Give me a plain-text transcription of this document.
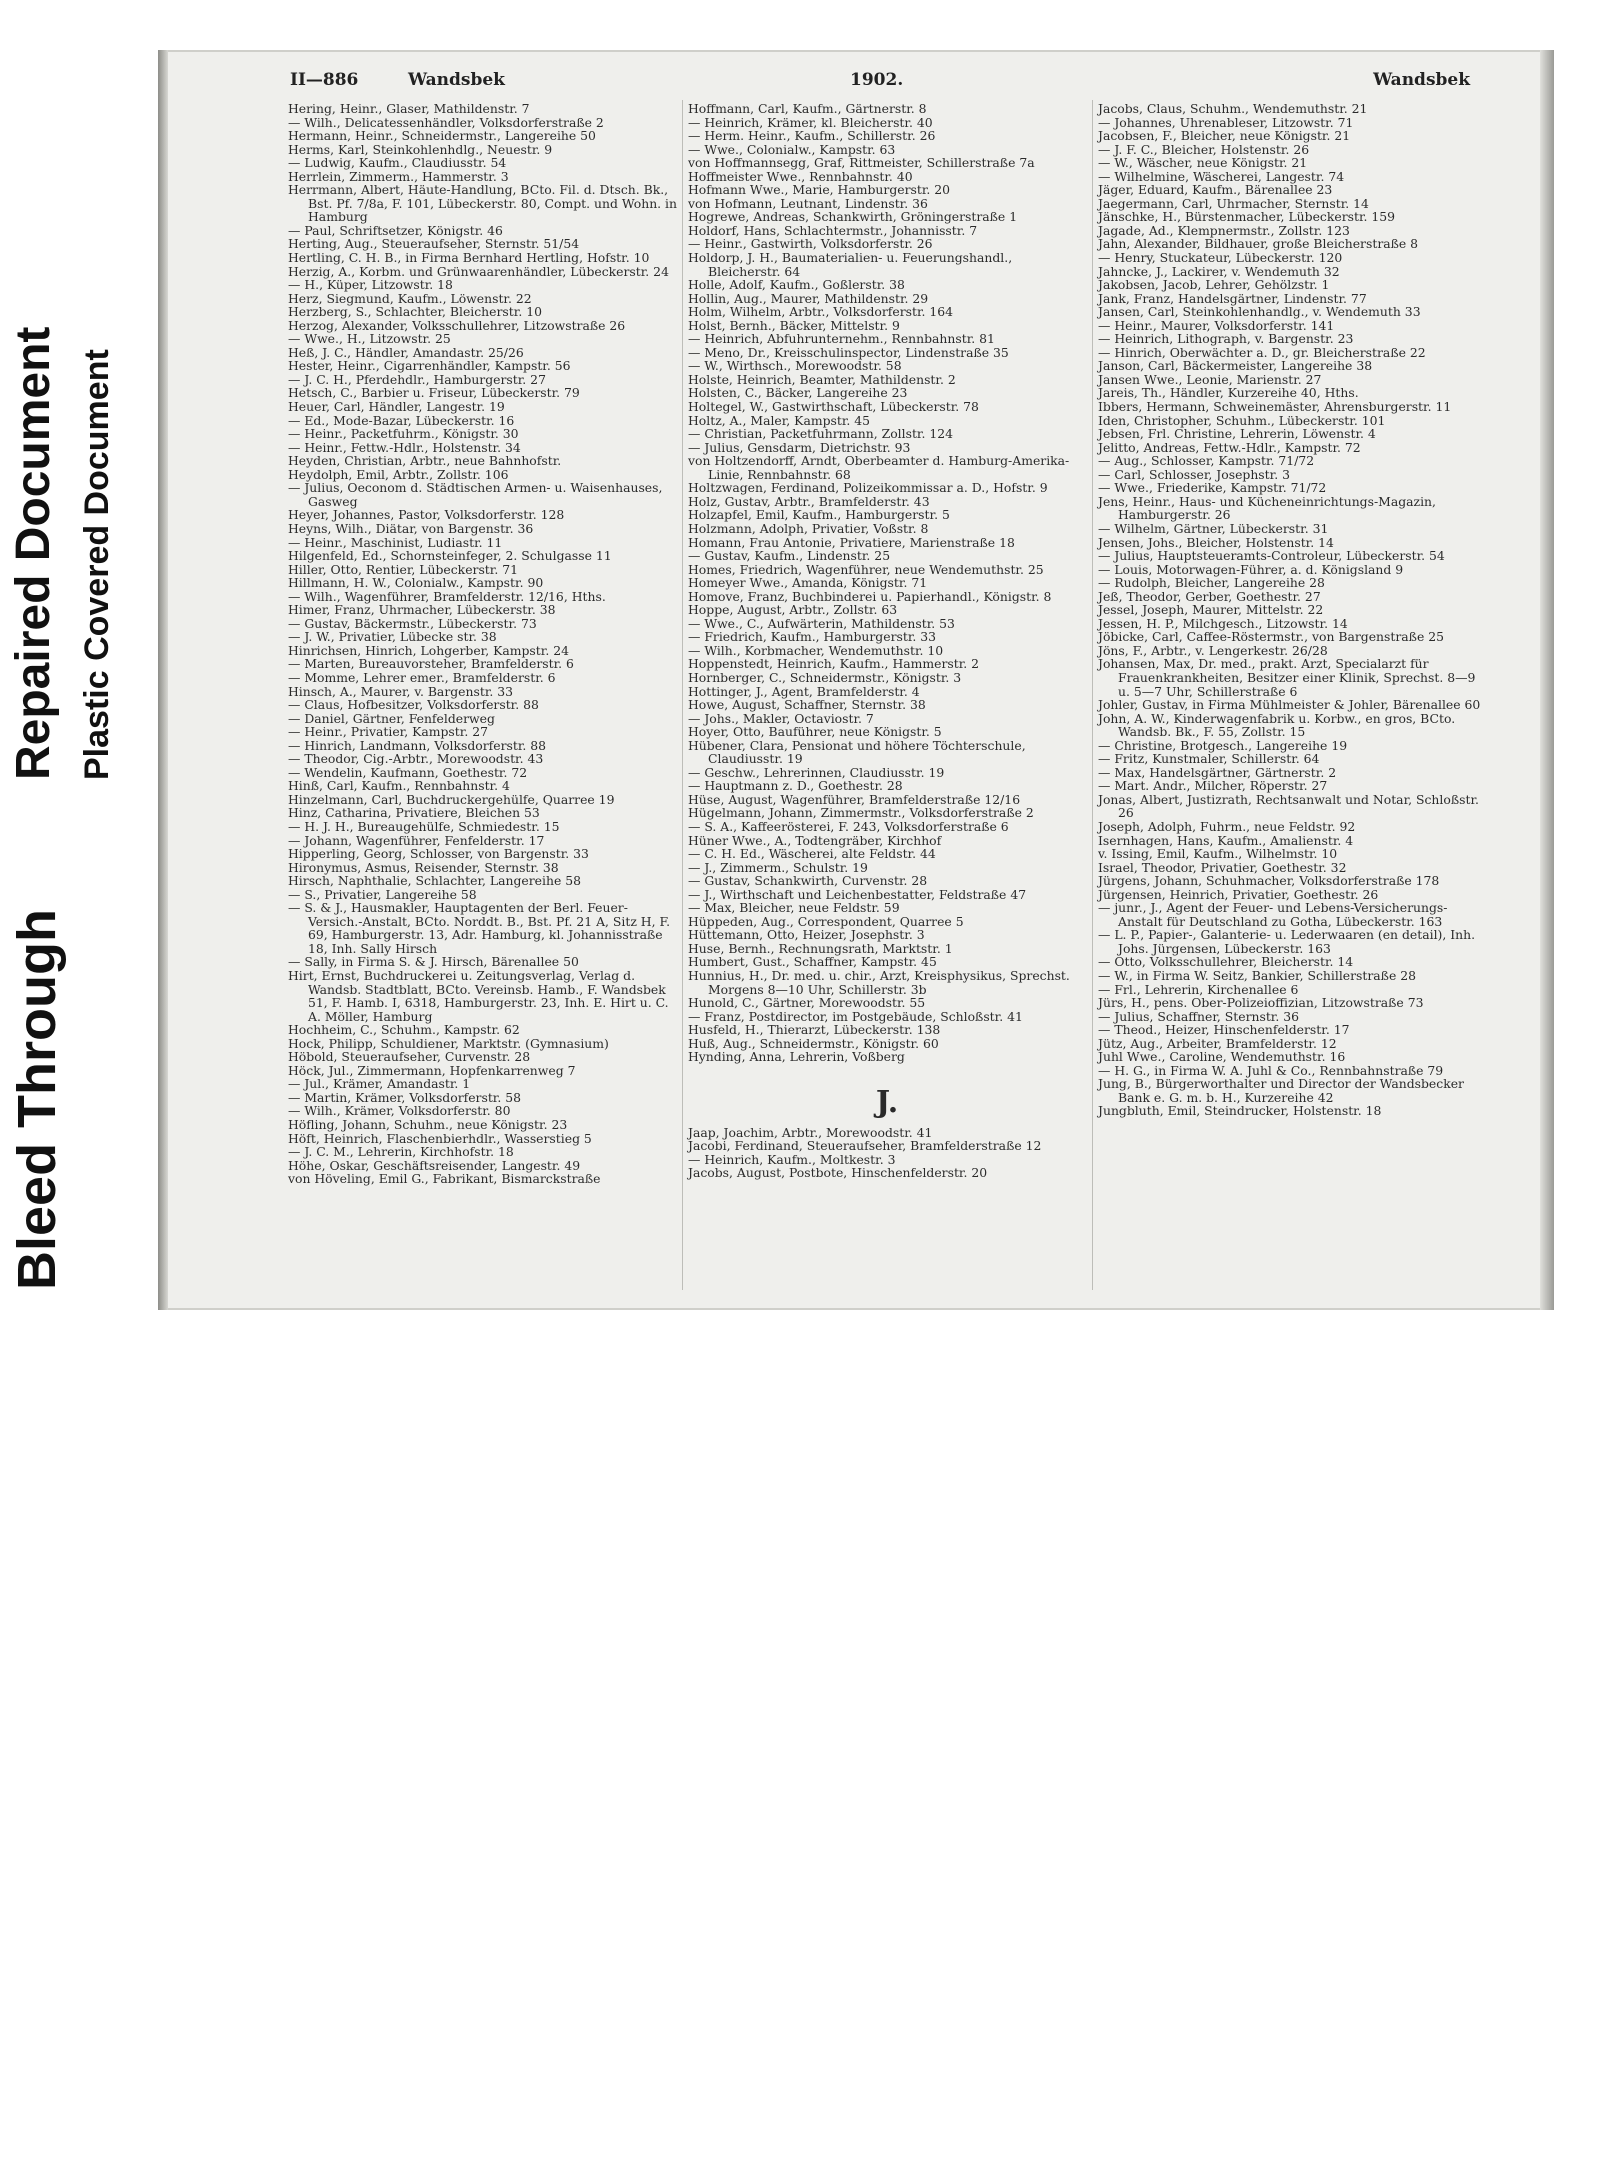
Bleed Through
Repaired Document Plastic Covered Document
II—886	Wandsbek	1902.	Wandsbek

Hering, Heinr., Glaser, Mathildenstr. 7

— Wilh., Delicatessenhändler, Volksdorferstraße 2

Hermann, Heinr., Schneidermstr., Langereihe 50

Herms, Karl, Steinkohlenhdlg., Neuestr. 9

— Ludwig, Kaufm., Claudiusstr. 54

Herrlein, Zimmerm., Hammerstr. 3

Herrmann, Albert, Häute-Handlung, BCto. Fil. d. Dtsch. Bk., Bst. Pf. 7/8a, F. 101, Lübeckerstr. 80, Compt. und Wohn. in Hamburg

— Paul, Schriftsetzer, Königstr. 46

Herting, Aug., Steueraufseher, Sternstr. 51/54

Hertling, C. H. B., in Firma Bernhard Hertling, Hofstr. 10

Herzig, A., Korbm. und Grünwaarenhändler, Lübeckerstr. 24

— H., Küper, Litzowstr. 18

Herz, Siegmund, Kaufm., Löwenstr. 22

Herzberg, S., Schlachter, Bleicherstr. 10

Herzog, Alexander, Volksschullehrer, Litzowstraße 26

— Wwe., H., Litzowstr. 25

Heß, J. C., Händler, Amandastr. 25/26

Hester, Heinr., Cigarrenhändler, Kampstr. 56

— J. C. H., Pferdehdlr., Hamburgerstr. 27

Hetsch, C., Barbier u. Friseur, Lübeckerstr. 79

Heuer, Carl, Händler, Langestr. 19

— Ed., Mode-Bazar, Lübeckerstr. 16

— Heinr., Packetfuhrm., Königstr. 30

— Heinr., Fettw.-Hdlr., Holstenstr. 34

Heyden, Christian, Arbtr., neue Bahnhofstr.

Heydolph, Emil, Arbtr., Zollstr. 106

— Julius, Oeconom d. Städtischen Armen- u. Waisenhauses, Gasweg

Heyer, Johannes, Pastor, Volksdorferstr. 128

Heyns, Wilh., Diätar, von Bargenstr. 36

— Heinr., Maschinist, Ludiastr. 11

Hilgenfeld, Ed., Schornsteinfeger, 2. Schulgasse 11

Hiller, Otto, Rentier, Lübeckerstr. 71

Hillmann, H. W., Colonialw., Kampstr. 90

— Wilh., Wagenführer, Bramfelderstr. 12/16, Hths.

Himer, Franz, Uhrmacher, Lübeckerstr. 38

— Gustav, Bäckermstr., Lübeckerstr. 73

— J. W., Privatier, Lübecke str. 38

Hinrichsen, Hinrich, Lohgerber, Kampstr. 24

— Marten, Bureauvorsteher, Bramfelderstr. 6

— Momme, Lehrer emer., Bramfelderstr. 6

Hinsch, A., Maurer, v. Bargenstr. 33

— Claus, Hofbesitzer, Volksdorferstr. 88

— Daniel, Gärtner, Fenfelderweg

— Heinr., Privatier, Kampstr. 27

— Hinrich, Landmann, Volksdorferstr. 88

— Theodor, Cig.-Arbtr., Morewoodstr. 43

— Wendelin, Kaufmann, Goethestr. 72

Hinß, Carl, Kaufm., Rennbahnstr. 4

Hinzelmann, Carl, Buchdruckergehülfe, Quarree 19

Hinz, Catharina, Privatiere, Bleichen 53

— H. J. H., Bureaugehülfe, Schmiedestr. 15

— Johann, Wagenführer, Fenfelderstr. 17

Hipperling, Georg, Schlosser, von Bargenstr. 33

Hironymus, Asmus, Reisender, Sternstr. 38

Hirsch, Naphthalie, Schlachter, Langereihe 58

— S., Privatier, Langereihe 58

— S. & J., Hausmakler, Hauptagenten der Berl. Feuer-Versich.-Anstalt, BCto. Norddt. B., Bst. Pf. 21 A, Sitz H, F. 69, Hamburgerstr. 13, Adr. Hamburg, kl. Johannisstraße 18, Inh. Sally Hirsch

— Sally, in Firma S. & J. Hirsch, Bärenallee 50

Hirt, Ernst, Buchdruckerei u. Zeitungsverlag, Verlag d. Wandsb. Stadtblatt, BCto. Vereinsb. Hamb., F. Wandsbek 51, F. Hamb. I, 6318, Hamburgerstr. 23, Inh. E. Hirt u. C. A. Möller, Hamburg

Hochheim, C., Schuhm., Kampstr. 62

Hock, Philipp, Schuldiener, Marktstr. (Gymnasium)

Höbold, Steueraufseher, Curvenstr. 28

Höck, Jul., Zimmermann, Hopfenkarrenweg 7

— Jul., Krämer, Amandastr. 1

— Martin, Krämer, Volksdorferstr. 58

— Wilh., Krämer, Volksdorferstr. 80

Höfling, Johann, Schuhm., neue Königstr. 23

Höft, Heinrich, Flaschenbierhdlr., Wasserstieg 5

— J. C. M., Lehrerin, Kirchhofstr. 18

Höhe, Oskar, Geschäftsreisender, Langestr. 49

von Höveling, Emil G., Fabrikant, Bismarckstraße

Hoffmann, Carl, Kaufm., Gärtnerstr. 8

— Heinrich, Krämer, kl. Bleicherstr. 40

— Herm. Heinr., Kaufm., Schillerstr. 26

— Wwe., Colonialw., Kampstr. 63

von Hoffmannsegg, Graf, Rittmeister, Schillerstraße 7a

Hoffmeister Wwe., Rennbahnstr. 40

Hofmann Wwe., Marie, Hamburgerstr. 20

von Hofmann, Leutnant, Lindenstr. 36

Hogrewe, Andreas, Schankwirth, Gröningerstraße 1

Holdorf, Hans, Schlachtermstr., Johannisstr. 7

— Heinr., Gastwirth, Volksdorferstr. 26

Holdorp, J. H., Baumaterialien- u. Feuerungshandl., Bleicherstr. 64

Holle, Adolf, Kaufm., Goßlerstr. 38

Hollin, Aug., Maurer, Mathildenstr. 29

Holm, Wilhelm, Arbtr., Volksdorferstr. 164

Holst, Bernh., Bäcker, Mittelstr. 9

— Heinrich, Abfuhrunternehm., Rennbahnstr. 81

— Meno, Dr., Kreisschulinspector, Lindenstraße 35

— W., Wirthsch., Morewoodstr. 58

Holste, Heinrich, Beamter, Mathildenstr. 2

Holsten, C., Bäcker, Langereihe 23

Holtegel, W., Gastwirthschaft, Lübeckerstr. 78

Holtz, A., Maler, Kampstr. 45

— Christian, Packetfuhrmann, Zollstr. 124

— Julius, Gensdarm, Dietrichstr. 93

von Holtzendorff, Arndt, Oberbeamter d. Hamburg-Amerika-Linie, Rennbahnstr. 68

Holtzwagen, Ferdinand, Polizeikommissar a. D., Hofstr. 9

Holz, Gustav, Arbtr., Bramfelderstr. 43

Holzapfel, Emil, Kaufm., Hamburgerstr. 5

Holzmann, Adolph, Privatier, Voßstr. 8

Homann, Frau Antonie, Privatiere, Marienstraße 18

— Gustav, Kaufm., Lindenstr. 25

Homes, Friedrich, Wagenführer, neue Wendemuthstr. 25

Homeyer Wwe., Amanda, Königstr. 71

Homove, Franz, Buchbinderei u. Papierhandl., Königstr. 8

Hoppe, August, Arbtr., Zollstr. 63

— Wwe., C., Aufwärterin, Mathildenstr. 53

— Friedrich, Kaufm., Hamburgerstr. 33

— Wilh., Korbmacher, Wendemuthstr. 10

Hoppenstedt, Heinrich, Kaufm., Hammerstr. 2

Hornberger, C., Schneidermstr., Königstr. 3

Hottinger, J., Agent, Bramfelderstr. 4

Howe, August, Schaffner, Sternstr. 38

— Johs., Makler, Octaviostr. 7

Hoyer, Otto, Bauführer, neue Königstr. 5

Hübener, Clara, Pensionat und höhere Töchterschule, Claudiusstr. 19

— Geschw., Lehrerinnen, Claudiusstr. 19

— Hauptmann z. D., Goethestr. 28

Hüse, August, Wagenführer, Bramfelderstraße 12/16

Hügelmann, Johann, Zimmermstr., Volksdorferstraße 2

— S. A., Kaffeerösterei, F. 243, Volksdorferstraße 6

Hüner Wwe., A., Todtengräber, Kirchhof

— C. H. Ed., Wäscherei, alte Feldstr. 44

— J., Zimmerm., Schulstr. 19

— Gustav, Schankwirth, Curvenstr. 28

— J., Wirthschaft und Leichenbestatter, Feldstraße 47

— Max, Bleicher, neue Feldstr. 59

Hüppeden, Aug., Correspondent, Quarree 5

Hüttemann, Otto, Heizer, Josephstr. 3

Huse, Bernh., Rechnungsrath, Marktstr. 1

Humbert, Gust., Schaffner, Kampstr. 45

Hunnius, H., Dr. med. u. chir., Arzt, Kreisphysikus, Sprechst. Morgens 8—10 Uhr, Schillerstr. 3b

Hunold, C., Gärtner, Morewoodstr. 55

— Franz, Postdirector, im Postgebäude, Schloßstr. 41

Husfeld, H., Thierarzt, Lübeckerstr. 138

Huß, Aug., Schneidermstr., Königstr. 60

Hynding, Anna, Lehrerin, Voßberg

J.

Jaap, Joachim, Arbtr., Morewoodstr. 41

Jacobi, Ferdinand, Steueraufseher, Bramfelderstraße 12

— Heinrich, Kaufm., Moltkestr. 3

Jacobs, August, Postbote, Hinschenfelderstr. 20

Jacobs, Claus, Schuhm., Wendemuthstr. 21

— Johannes, Uhrenableser, Litzowstr. 71

Jacobsen, F., Bleicher, neue Königstr. 21

— J. F. C., Bleicher, Holstenstr. 26

— W., Wäscher, neue Königstr. 21

— Wilhelmine, Wäscherei, Langestr. 74

Jäger, Eduard, Kaufm., Bärenallee 23

Jaegermann, Carl, Uhrmacher, Sternstr. 14

Jänschke, H., Bürstenmacher, Lübeckerstr. 159

Jagade, Ad., Klempnermstr., Zollstr. 123

Jahn, Alexander, Bildhauer, große Bleicherstraße 8

— Henry, Stuckateur, Lübeckerstr. 120

Jahncke, J., Lackirer, v. Wendemuth 32

Jakobsen, Jacob, Lehrer, Gehölzstr. 1

Jank, Franz, Handelsgärtner, Lindenstr. 77

Jansen, Carl, Steinkohlenhandlg., v. Wendemuth 33

— Heinr., Maurer, Volksdorferstr. 141

— Heinrich, Lithograph, v. Bargenstr. 23

— Hinrich, Oberwächter a. D., gr. Bleicherstraße 22

Janson, Carl, Bäckermeister, Langereihe 38

Jansen Wwe., Leonie, Marienstr. 27

Jareis, Th., Händler, Kurzereihe 40, Hths.

Ibbers, Hermann, Schweinemäster, Ahrensburgerstr. 11

Iden, Christopher, Schuhm., Lübeckerstr. 101

Jebsen, Frl. Christine, Lehrerin, Löwenstr. 4

Jelitto, Andreas, Fettw.-Hdlr., Kampstr. 72

— Aug., Schlosser, Kampstr. 71/72

— Carl, Schlosser, Josephstr. 3

— Wwe., Friederike, Kampstr. 71/72

Jens, Heinr., Haus- und Kücheneinrichtungs-Magazin, Hamburgerstr. 26

— Wilhelm, Gärtner, Lübeckerstr. 31

Jensen, Johs., Bleicher, Holstenstr. 14

— Julius, Hauptsteueramts-Controleur, Lübeckerstr. 54

— Louis, Motorwagen-Führer, a. d. Königsland 9

— Rudolph, Bleicher, Langereihe 28

Jeß, Theodor, Gerber, Goethestr. 27

Jessel, Joseph, Maurer, Mittelstr. 22

Jessen, H. P., Milchgesch., Litzowstr. 14

Jöbicke, Carl, Caffee-Röstermstr., von Bargenstraße 25

Jöns, F., Arbtr., v. Lengerkestr. 26/28

Johansen, Max, Dr. med., prakt. Arzt, Specialarzt für Frauenkrankheiten, Besitzer einer Klinik, Sprechst. 8—9 u. 5—7 Uhr, Schillerstraße 6

Johler, Gustav, in Firma Mühlmeister & Johler, Bärenallee 60

John, A. W., Kinderwagenfabrik u. Korbw., en gros, BCto. Wandsb. Bk., F. 55, Zollstr. 15

— Christine, Brotgesch., Langereihe 19

— Fritz, Kunstmaler, Schillerstr. 64

— Max, Handelsgärtner, Gärtnerstr. 2

— Mart. Andr., Milcher, Röperstr. 27

Jonas, Albert, Justizrath, Rechtsanwalt und Notar, Schloßstr. 26

Joseph, Adolph, Fuhrm., neue Feldstr. 92

Isernhagen, Hans, Kaufm., Amalienstr. 4

v. Issing, Emil, Kaufm., Wilhelmstr. 10

Israel, Theodor, Privatier, Goethestr. 32

Jürgens, Johann, Schuhmacher, Volksdorferstraße 178

Jürgensen, Heinrich, Privatier, Goethestr. 26

— junr., J., Agent der Feuer- und Lebens-Versicherungs-Anstalt für Deutschland zu Gotha, Lübeckerstr. 163

— L. P., Papier-, Galanterie- u. Lederwaaren (en detail), Inh. Johs. Jürgensen, Lübeckerstr. 163

— Otto, Volksschullehrer, Bleicherstr. 14

— W., in Firma W. Seitz, Bankier, Schillerstraße 28

— Frl., Lehrerin, Kirchenallee 6

Jürs, H., pens. Ober-Polizeioffizian, Litzowstraße 73

— Julius, Schaffner, Sternstr. 36

— Theod., Heizer, Hinschenfelderstr. 17

Jütz, Aug., Arbeiter, Bramfelderstr. 12

Juhl Wwe., Caroline, Wendemuthstr. 16

— H. G., in Firma W. A. Juhl & Co., Rennbahnstraße 79

Jung, B., Bürgerworthalter und Director der Wandsbecker Bank e. G. m. b. H., Kurzereihe 42

Jungbluth, Emil, Steindrucker, Holstenstr. 18
